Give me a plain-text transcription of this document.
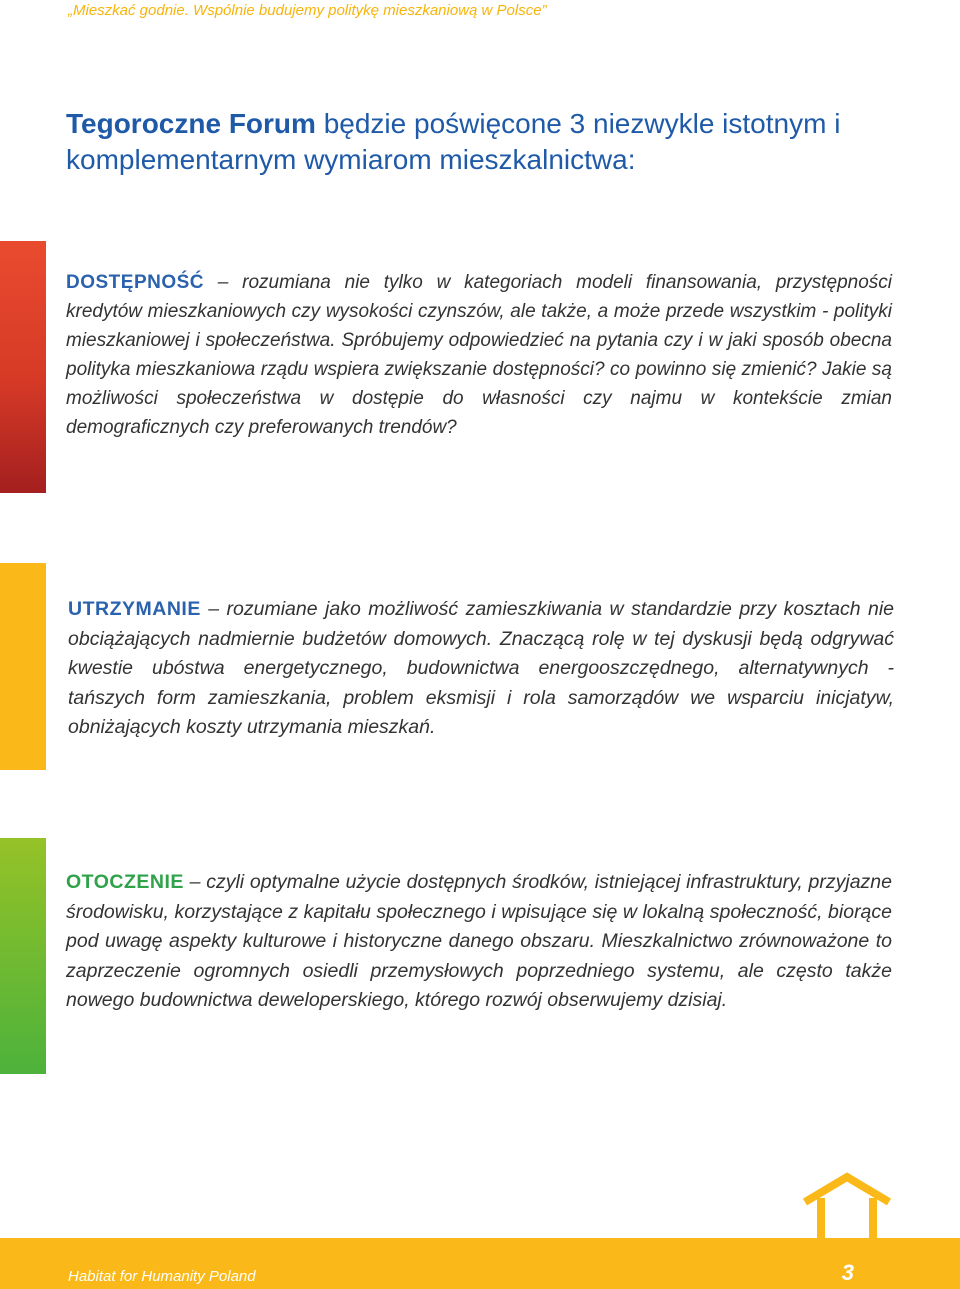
„Mieszkać godnie. Wspólnie budujemy politykę mieszkaniową w Polsce”
Tegoroczne Forum będzie poświęcone 3 niezwykle istotnym i komplementarnym wymiarom mieszkalnictwa:
DOSTĘPNOŚĆ – rozumiana nie tylko w kategoriach modeli finansowania, przystępności kredytów mieszkaniowych czy wysokości czynszów, ale także, a może przede wszystkim - polityki mieszkaniowej i społeczeństwa. Spróbujemy odpowiedzieć na pytania czy i w jaki sposób obecna polityka mieszkaniowa rządu wspiera zwiększanie dostępności? co powinno się zmienić? Jakie są możliwości społeczeństwa w dostępie do własności czy najmu w kontekście zmian demograficznych czy preferowanych trendów?
UTRZYMANIE – rozumiane jako możliwość zamieszkiwania w standardzie przy kosztach nie obciążających nadmiernie budżetów domowych. Znaczącą rolę w tej dyskusji będą odgrywać kwestie ubóstwa energetycznego, budownictwa energooszczędnego, alternatywnych - tańszych form zamieszkania, problem eksmisji i rola samorządów we wsparciu inicjatyw, obniżających koszty utrzymania mieszkań.
OTOCZENIE – czyli optymalne użycie dostępnych środków, istniejącej infrastruktury, przyjazne środowisku, korzystające z kapitału społecznego i wpisujące się w lokalną społeczność, biorące pod uwagę aspekty kulturowe i historyczne danego obszaru. Mieszkalnictwo zrównoważone to zaprzeczenie ogromnych osiedli przemysłowych poprzedniego systemu, ale często także nowego budownictwa deweloperskiego, którego rozwój obserwujemy dzisiaj.
Habitat for Humanity Poland	3
